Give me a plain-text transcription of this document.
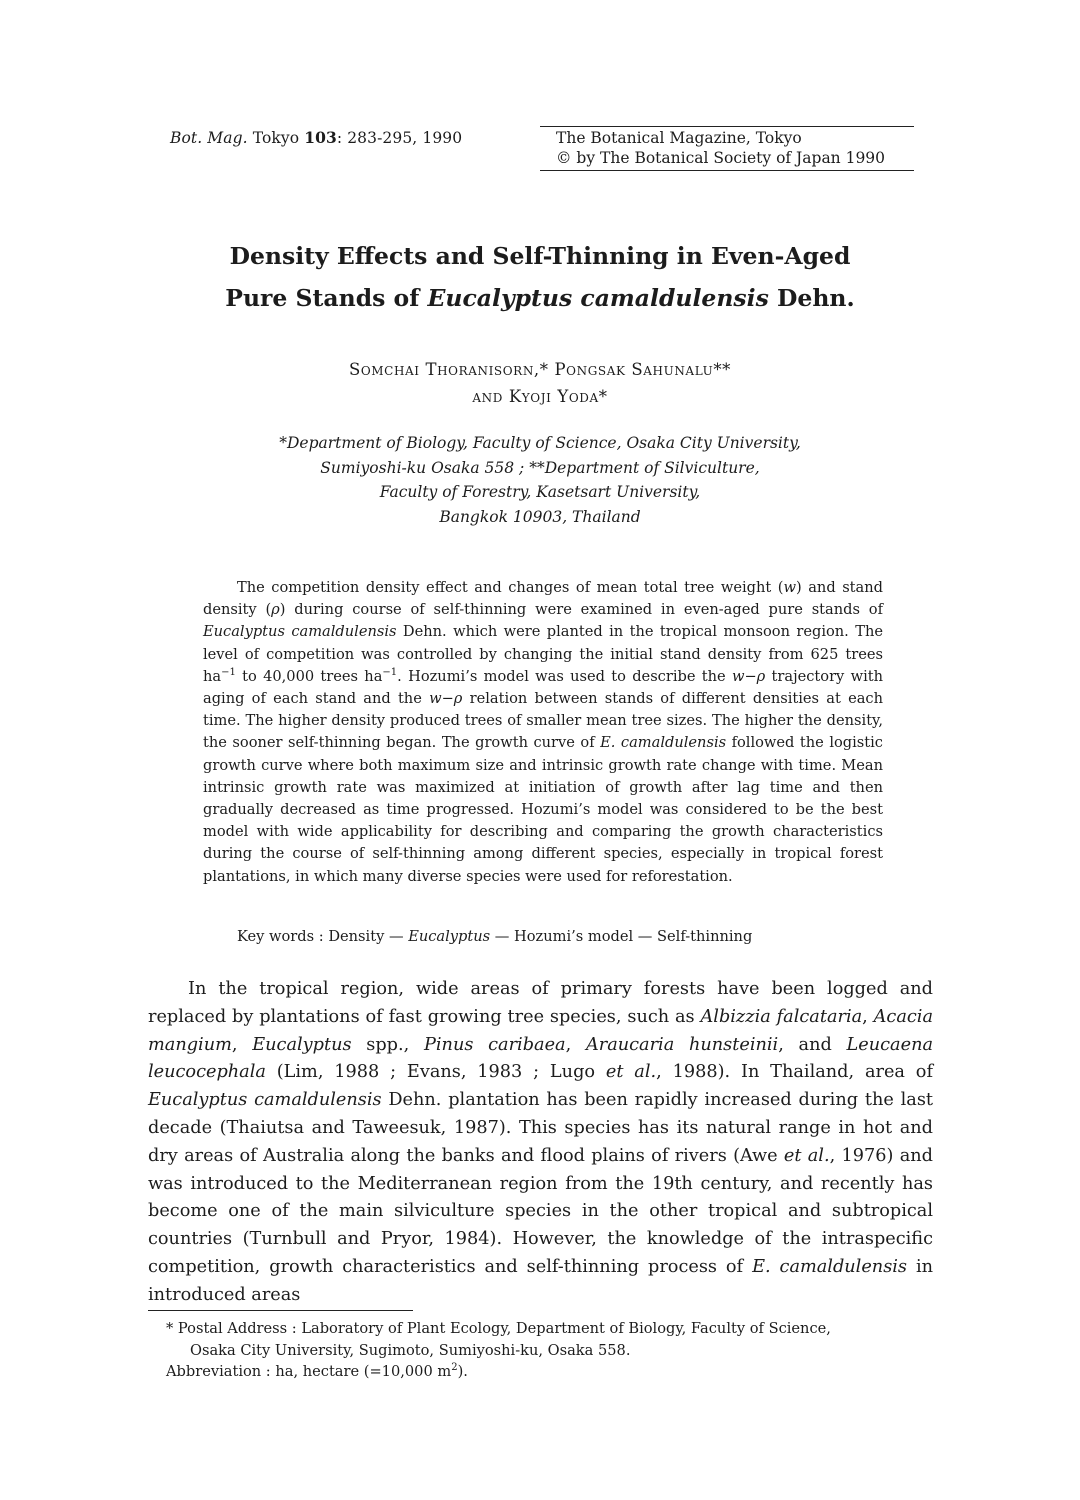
Bot. Mag. Tokyo 103: 283-295, 1990	The Botanical Magazine, Tokyo
© by The Botanical Society of Japan 1990
Density Effects and Self-Thinning in Even-Aged
Pure Stands of Eucalyptus camaldulensis Dehn.
Somchai Thoranisorn,* Pongsak Sahunalu**
and Kyoji Yoda*
*Department of Biology, Faculty of Science, Osaka City University,
Sumiyoshi-ku Osaka 558 ; **Department of Silviculture,
Faculty of Forestry, Kasetsart University,
Bangkok 10903, Thailand
The competition density effect and changes of mean total tree weight (w) and stand density (ρ) during course of self-thinning were examined in even-aged pure stands of Eucalyptus camaldulensis Dehn. which were planted in the tropical monsoon region. The level of competition was controlled by changing the initial stand density from 625 trees $ha^{-1}$ to 40,000 trees $ha^{-1}$. Hozumi’s model was used to describe the w−ρ trajectory with aging of each stand and the w−ρ relation between stands of different densities at each time. The higher density produced trees of smaller mean tree sizes. The higher the density, the sooner self-thinning began. The growth curve of E. camaldulensis followed the logistic growth curve where both maximum size and intrinsic growth rate change with time. Mean intrinsic growth rate was maximized at initiation of growth after lag time and then gradually decreased as time progressed. Hozumi’s model was considered to be the best model with wide applicability for describing and comparing the growth characteristics during the course of self-thinning among different species, especially in tropical forest plantations, in which many diverse species were used for reforestation.
Key words : Density — Eucalyptus — Hozumi’s model — Self-thinning
In the tropical region, wide areas of primary forests have been logged and replaced by plantations of fast growing tree species, such as Albizzia falcataria, Acacia mangium, Eucalyptus spp., Pinus caribaea, Araucaria hunsteinii, and Leucaena leucocephala (Lim, 1988 ; Evans, 1983 ; Lugo et al., 1988). In Thailand, area of Eucalyptus camaldulensis Dehn. plantation has been rapidly increased during the last decade (Thaiutsa and Taweesuk, 1987). This species has its natural range in hot and dry areas of Australia along the banks and flood plains of rivers (Awe et al., 1976) and was introduced to the Mediterranean region from the 19th century, and recently has become one of the main silviculture species in the other tropical and subtropical countries (Turnbull and Pryor, 1984). However, the knowledge of the intraspecific competition, growth characteristics and self-thinning process of E. camaldulensis in introduced areas
* Postal Address : Laboratory of Plant Ecology, Department of Biology, Faculty of Science,
Osaka City University, Sugimoto, Sumiyoshi-ku, Osaka 558.
Abbreviation : ha, hectare (=10,000 $m^2$).
